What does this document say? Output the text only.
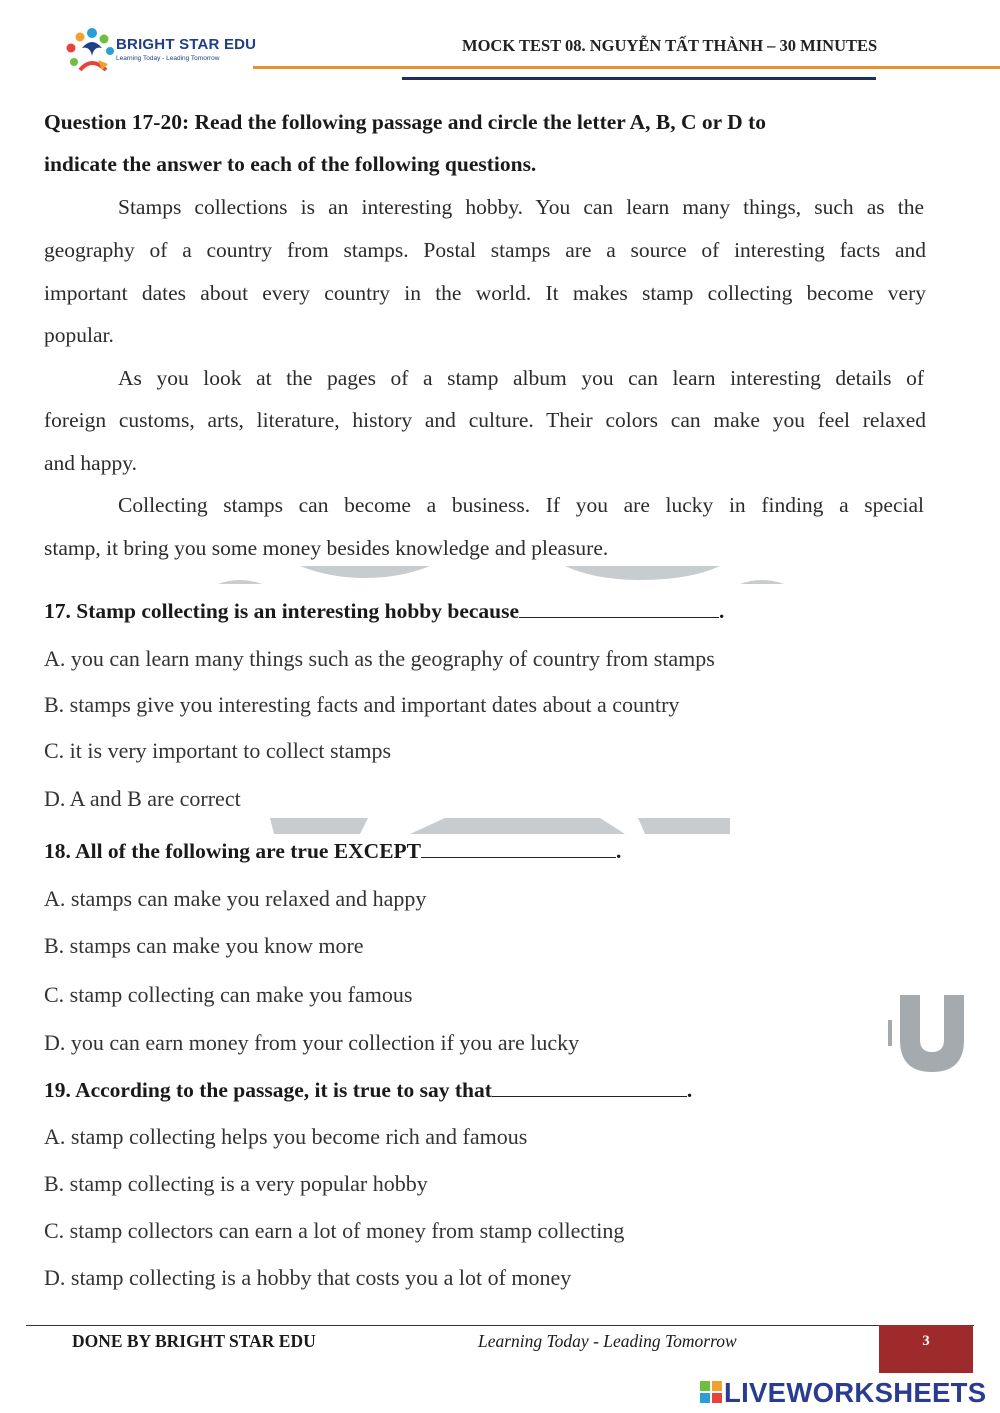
BRIGHT STAR EDU
Learning Today - Leading Tomorrow
MOCK TEST 08. NGUYỄN TẤT THÀNH – 30 MINUTES
Question 17-20: Read the following passage and circle the letter A, B, C or D to
indicate the answer to each of the following questions.
Stamps collections is an interesting hobby. You can learn many things, such as the
geography of a country from stamps. Postal stamps are a source of interesting facts and
important dates about every country in the world. It makes stamp collecting become very
popular.
As you look at the pages of a stamp album you can learn interesting details of
foreign customs, arts, literature, history and culture. Their colors can make you feel relaxed
and happy.
Collecting stamps can become a business. If you are lucky in finding a special
stamp, it bring you some money besides knowledge and pleasure.
17. Stamp collecting is an interesting hobby because	.
A. you can learn many things such as the geography of country from stamps
B. stamps give you interesting facts and important dates about a country
C. it is very important to collect stamps
D. A and B are correct
18. All of the following are true EXCEPT	.
A. stamps can make you relaxed and happy
B. stamps can make you know more
C. stamp collecting can make you famous
D. you can earn money from your collection if you are lucky
19. According to the passage, it is true to say that	.
A. stamp collecting helps you become rich and famous
B. stamp collecting is a very popular hobby
C. stamp collectors can earn a lot of money from stamp collecting
D. stamp collecting is a hobby that costs you a lot of money
DONE BY BRIGHT STAR EDU	Learning Today - Leading Tomorrow	3
LIVEWORKSHEETS
